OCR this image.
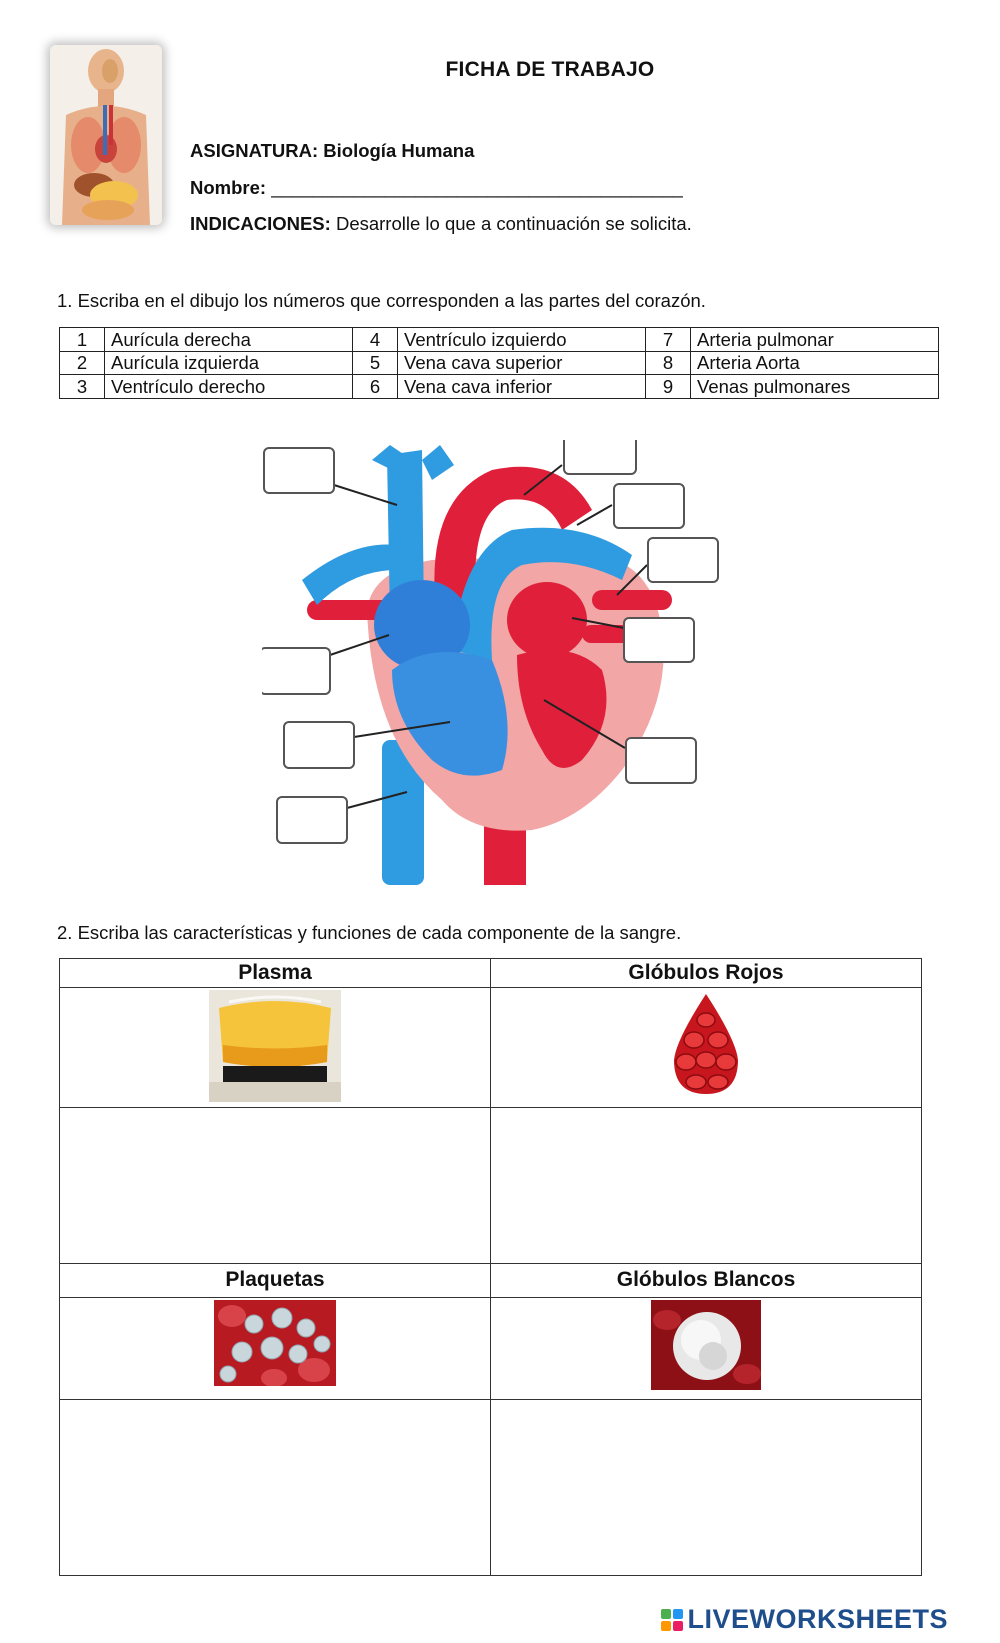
FICHA DE TRABAJO
ASIGNATURA: Biología Humana
Nombre: ________________________________________
INDICACIONES: Desarrolle lo que a continuación se solicita.
1. Escriba en el dibujo los números que corresponden a las partes del corazón.
1	Aurícula derecha	4	Ventrículo izquierdo	7	Arteria pulmonar
2	Aurícula izquierda	5	Vena cava superior	8	Arteria Aorta
3	Ventrículo derecho	6	Vena cava inferior	9	Venas pulmonares
2. Escriba las características y funciones de cada componente de la sangre.
Plasma	Glóbulos Rojos

Plaquetas	Glóbulos Blancos

LIVEWORKSHEETS
